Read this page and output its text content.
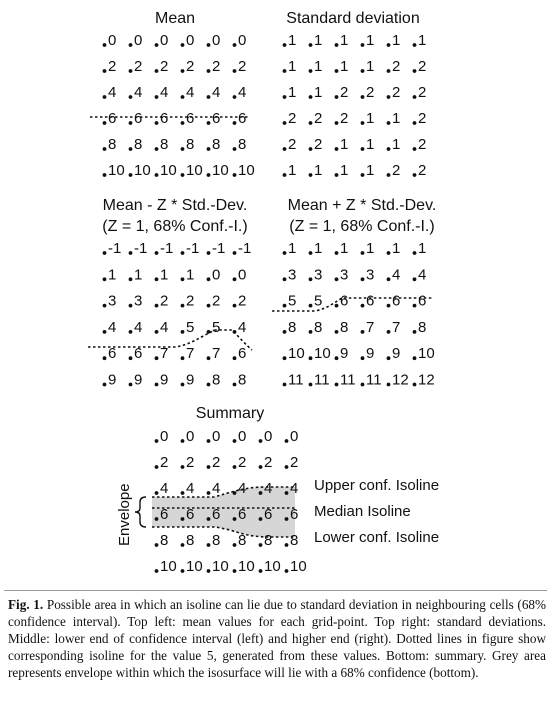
Mean
0 0 0 0 0 0
2 2 2 2 2 2
4 4 4 4 4 4
6 6 6 6 6 6
8 8 8 8 8 8
10 10 10 10 10 10
Standard deviation
1 1 1 1 1 1
1 1 1 1 2 2
1 1 2 2 2 2
2 2 2 1 1 2
2 2 1 1 1 2
1 1 1 1 2 2
Mean - Z * Std.-Dev.
(Z = 1, 68% Conf.-I.)
-1 -1 -1 -1 -1 -1
1 1 1 1 0 0
3 3 2 2 2 2
4 4 4 5 5 4
6 6 7 7 7 6
9 9 9 9 8 8
Mean + Z * Std.-Dev.
(Z = 1, 68% Conf.-I.)
1 1 1 1 1 1
3 3 3 3 4 4
5 5 6 6 6 6
8 8 8 7 7 8
10 10 9 9 9 10
11 11 11 11 12 12
Summary
0 0 0 0 0 0
2 2 2 2 2 2
4 4 4 4 4 4
6 6 6 6 6 6
8 8 8 8 8 8
10 10 10 10 10 10
Upper conf. Isoline
Median Isoline
Lower conf. Isoline
Envelope

Fig. 1. Possible area in which an isoline can lie due to standard deviation in neighbouring cells (68% confidence interval). Top left: mean values for each grid-point. Top right: standard deviations. Middle: lower end of confidence interval (left) and higher end (right). Dotted lines in figure show corresponding isoline for the value 5, generated from these values. Bottom: summary. Grey area represents envelope within which the isosurface will lie with a 68% confidence (bottom).
